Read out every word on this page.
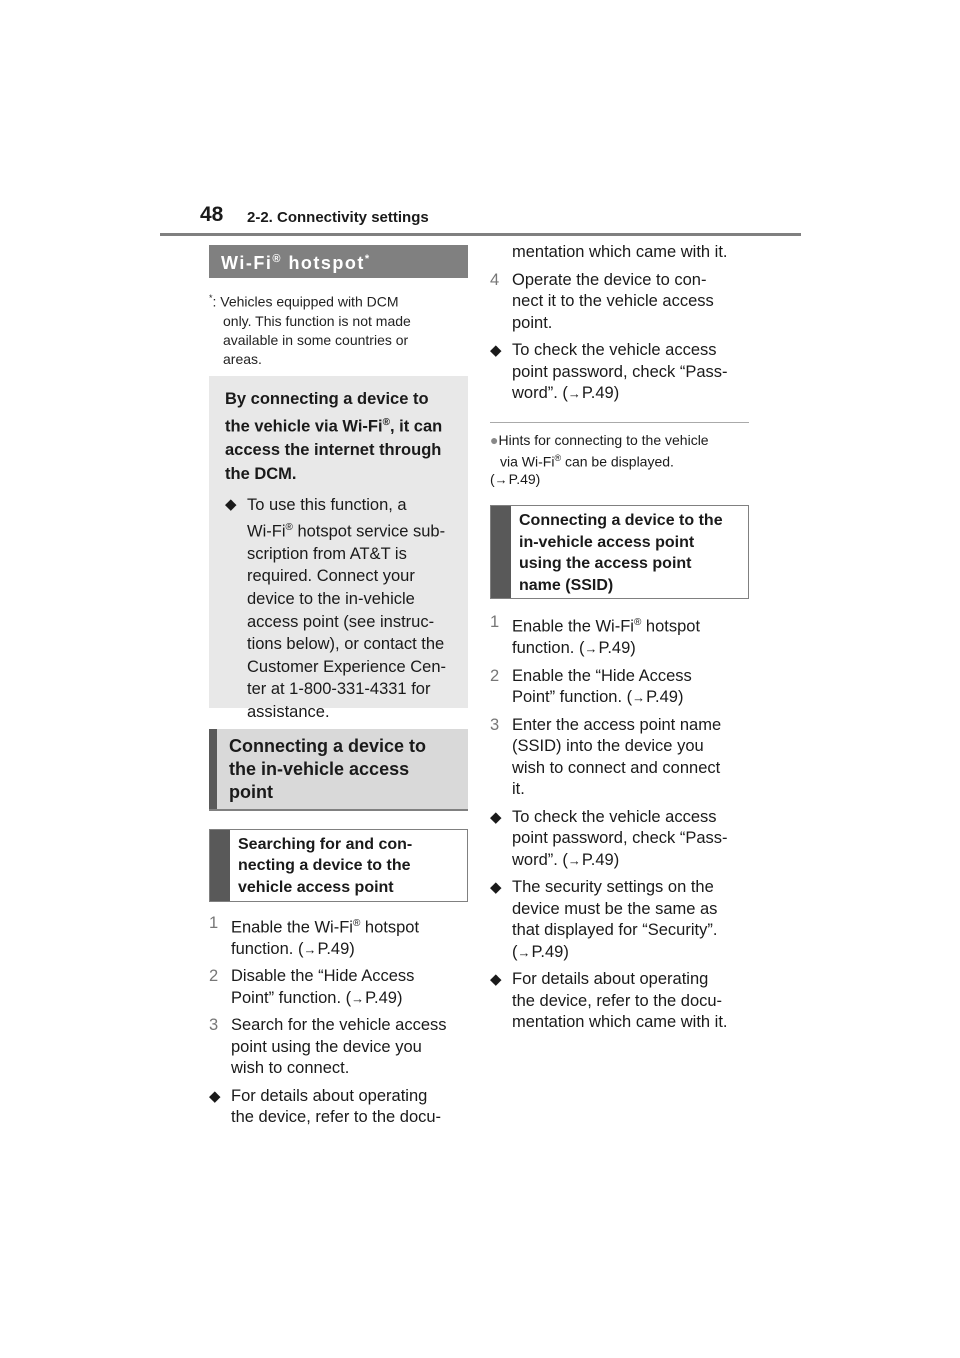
48 2-2. Connectivity settings
Wi-Fi® hotspot*
*: Vehicles equipped with DCM
only. This function is not made
available in some countries or
areas.
By connecting a device to
the vehicle via Wi-Fi®, it can
access the internet through
the DCM.
◆ To use this function, a
Wi-Fi® hotspot service sub-
scription from AT&T is
required. Connect your
device to the in-vehicle
access point (see instruc-
tions below), or contact the
Customer Experience Cen-
ter at 1-800-331-4331 for
assistance.
Connecting a device to
the in-vehicle access
point
Searching for and con-
necting a device to the
vehicle access point
1 Enable the Wi-Fi® hotspot
function. (→P.49)
2 Disable the “Hide Access
Point” function. (→P.49)
3 Search for the vehicle access
point using the device you
wish to connect.
◆ For details about operating
the device, refer to the docu-
mentation which came with it.
4 Operate the device to con-
nect it to the vehicle access
point.
◆ To check the vehicle access
point password, check “Pass-
word”. (→P.49)
●Hints for connecting to the vehicle
via Wi-Fi® can be displayed.
(→P.49)
Connecting a device to the
in-vehicle access point
using the access point
name (SSID)
1 Enable the Wi-Fi® hotspot
function. (→P.49)
2 Enable the “Hide Access
Point” function. (→P.49)
3 Enter the access point name
(SSID) into the device you
wish to connect and connect
it.
◆ To check the vehicle access
point password, check “Pass-
word”. (→P.49)
◆ The security settings on the
device must be the same as
that displayed for “Security”.
(→P.49)
◆ For details about operating
the device, refer to the docu-
mentation which came with it.
